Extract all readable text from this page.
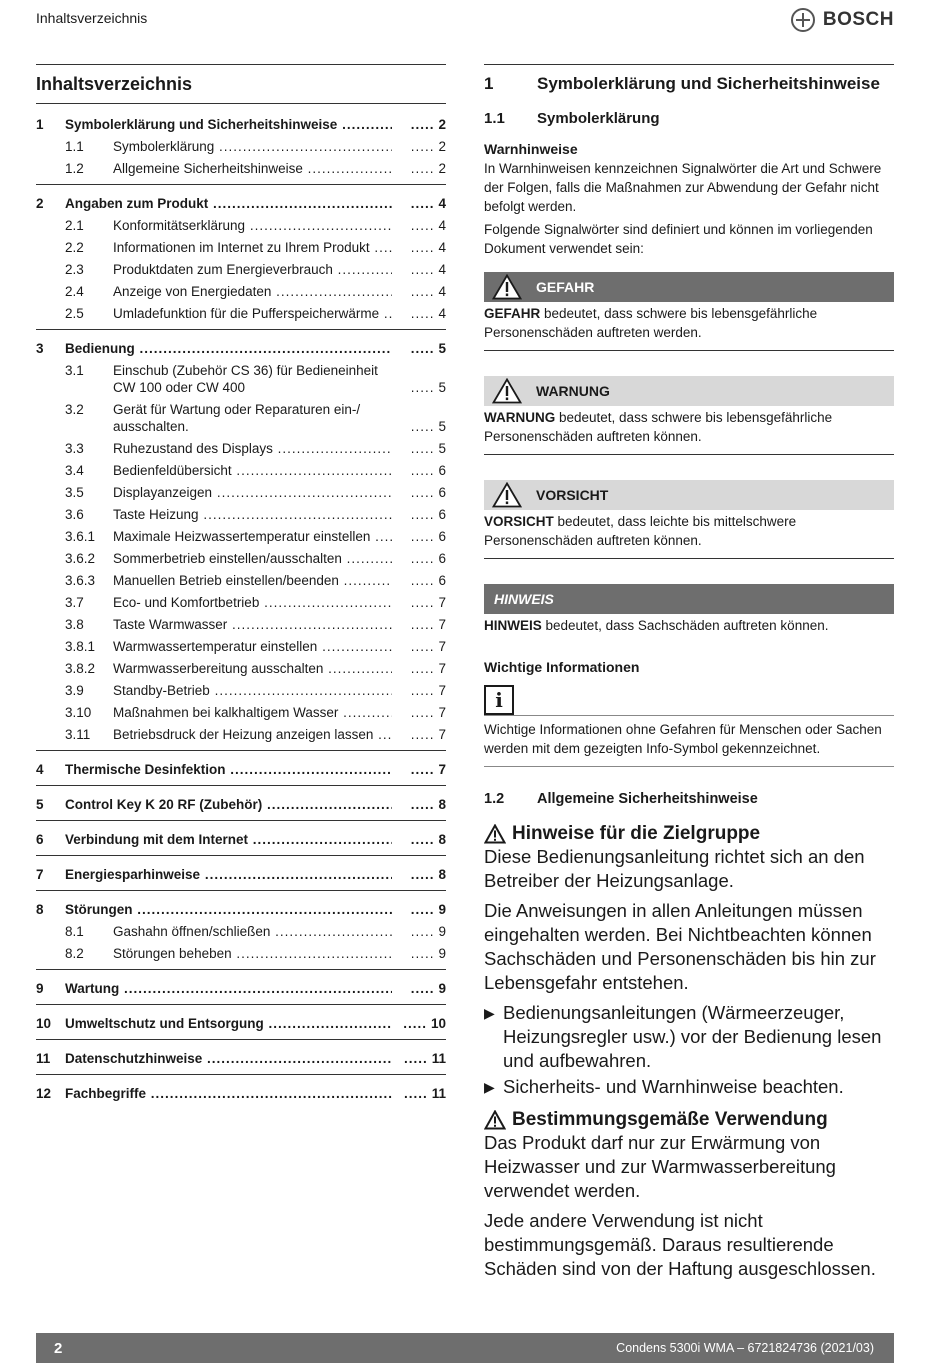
Inhaltsverzeichnis	BOSCH
Inhaltsverzeichnis
1 Symbolerklärung und Sicherheitshinweise .....	..... 2
1.1 Symbolerklärung .....	..... 2
1.2 Allgemeine Sicherheitshinweise .....	..... 2
2 Angaben zum Produkt .....	..... 4
2.1 Konformitätserklärung .....	..... 4
2.2 Informationen im Internet zu Ihrem Produkt .....	..... 4
2.3 Produktdaten zum Energieverbrauch .....	..... 4
2.4 Anzeige von Energiedaten .....	..... 4
2.5 Umladefunktion für die Pufferspeicherwärme .....	..... 4
3 Bedienung .....	..... 5
3.1 Einschub (Zubehör CS 36) für Bedieneinheit CW 100 oder CW 400	..... 5
3.2 Gerät für Wartung oder Reparaturen ein-/ ausschalten.	..... 5
3.3 Ruhezustand des Displays .....	..... 5
3.4 Bedienfeldübersicht .....	..... 6
3.5 Displayanzeigen .....	..... 6
3.6 Taste Heizung .....	..... 6
3.6.1 Maximale Heizwassertemperatur einstellen .....	..... 6
3.6.2 Sommerbetrieb einstellen/ausschalten .....	..... 6
3.6.3 Manuellen Betrieb einstellen/beenden .....	..... 6
3.7 Eco- und Komfortbetrieb .....	..... 7
3.8 Taste Warmwasser .....	..... 7
3.8.1 Warmwassertemperatur einstellen .....	..... 7
3.8.2 Warmwasserbereitung ausschalten .....	..... 7
3.9 Standby-Betrieb .....	..... 7
3.10 Maßnahmen bei kalkhaltigem Wasser .....	..... 7
3.11 Betriebsdruck der Heizung anzeigen lassen .....	..... 7
4 Thermische Desinfektion .....	..... 7
5 Control Key K 20 RF (Zubehör) .....	..... 8
6 Verbindung mit dem Internet .....	..... 8
7 Energiesparhinweise .....	..... 8
8 Störungen .....	..... 9
8.1 Gashahn öffnen/schließen .....	..... 9
8.2 Störungen beheben .....	..... 9
9 Wartung .....	..... 9
10 Umweltschutz und Entsorgung .....	..... 10
11 Datenschutzhinweise .....	..... 11
12 Fachbegriffe .....	..... 11
1	Symbolerklärung und Sicherheitshinweise
1.1	Symbolerklärung
Warnhinweise
In Warnhinweisen kennzeichnen Signalwörter die Art und Schwere der Folgen, falls die Maßnahmen zur Abwendung der Gefahr nicht befolgt werden.
Folgende Signalwörter sind definiert und können im vorliegenden Dokument verwendet sein:
GEFAHR
GEFAHR bedeutet, dass schwere bis lebensgefährliche Personenschäden auftreten werden.
WARNUNG
WARNUNG bedeutet, dass schwere bis lebensgefährliche Personenschäden auftreten können.
VORSICHT
VORSICHT bedeutet, dass leichte bis mittelschwere Personenschäden auftreten können.
HINWEIS
HINWEIS bedeutet, dass Sachschäden auftreten können.
Wichtige Informationen
i
Wichtige Informationen ohne Gefahren für Menschen oder Sachen werden mit dem gezeigten Info-Symbol gekennzeichnet.
1.2	Allgemeine Sicherheitshinweise
Hinweise für die Zielgruppe
Diese Bedienungsanleitung richtet sich an den Betreiber der Heizungsanlage.
Die Anweisungen in allen Anleitungen müssen eingehalten werden. Bei Nichtbeachten können Sachschäden und Personenschäden bis hin zur Lebensgefahr entstehen.
▶ Bedienungsanleitungen (Wärmeerzeuger, Heizungsregler usw.) vor der Bedienung lesen und aufbewahren.
▶ Sicherheits- und Warnhinweise beachten.
Bestimmungsgemäße Verwendung
Das Produkt darf nur zur Erwärmung von Heizwasser und zur Warmwasserbereitung verwendet werden.
Jede andere Verwendung ist nicht bestimmungsgemäß. Daraus resultierende Schäden sind von der Haftung ausgeschlossen.
2	Condens 5300i WMA – 6721824736 (2021/03)
